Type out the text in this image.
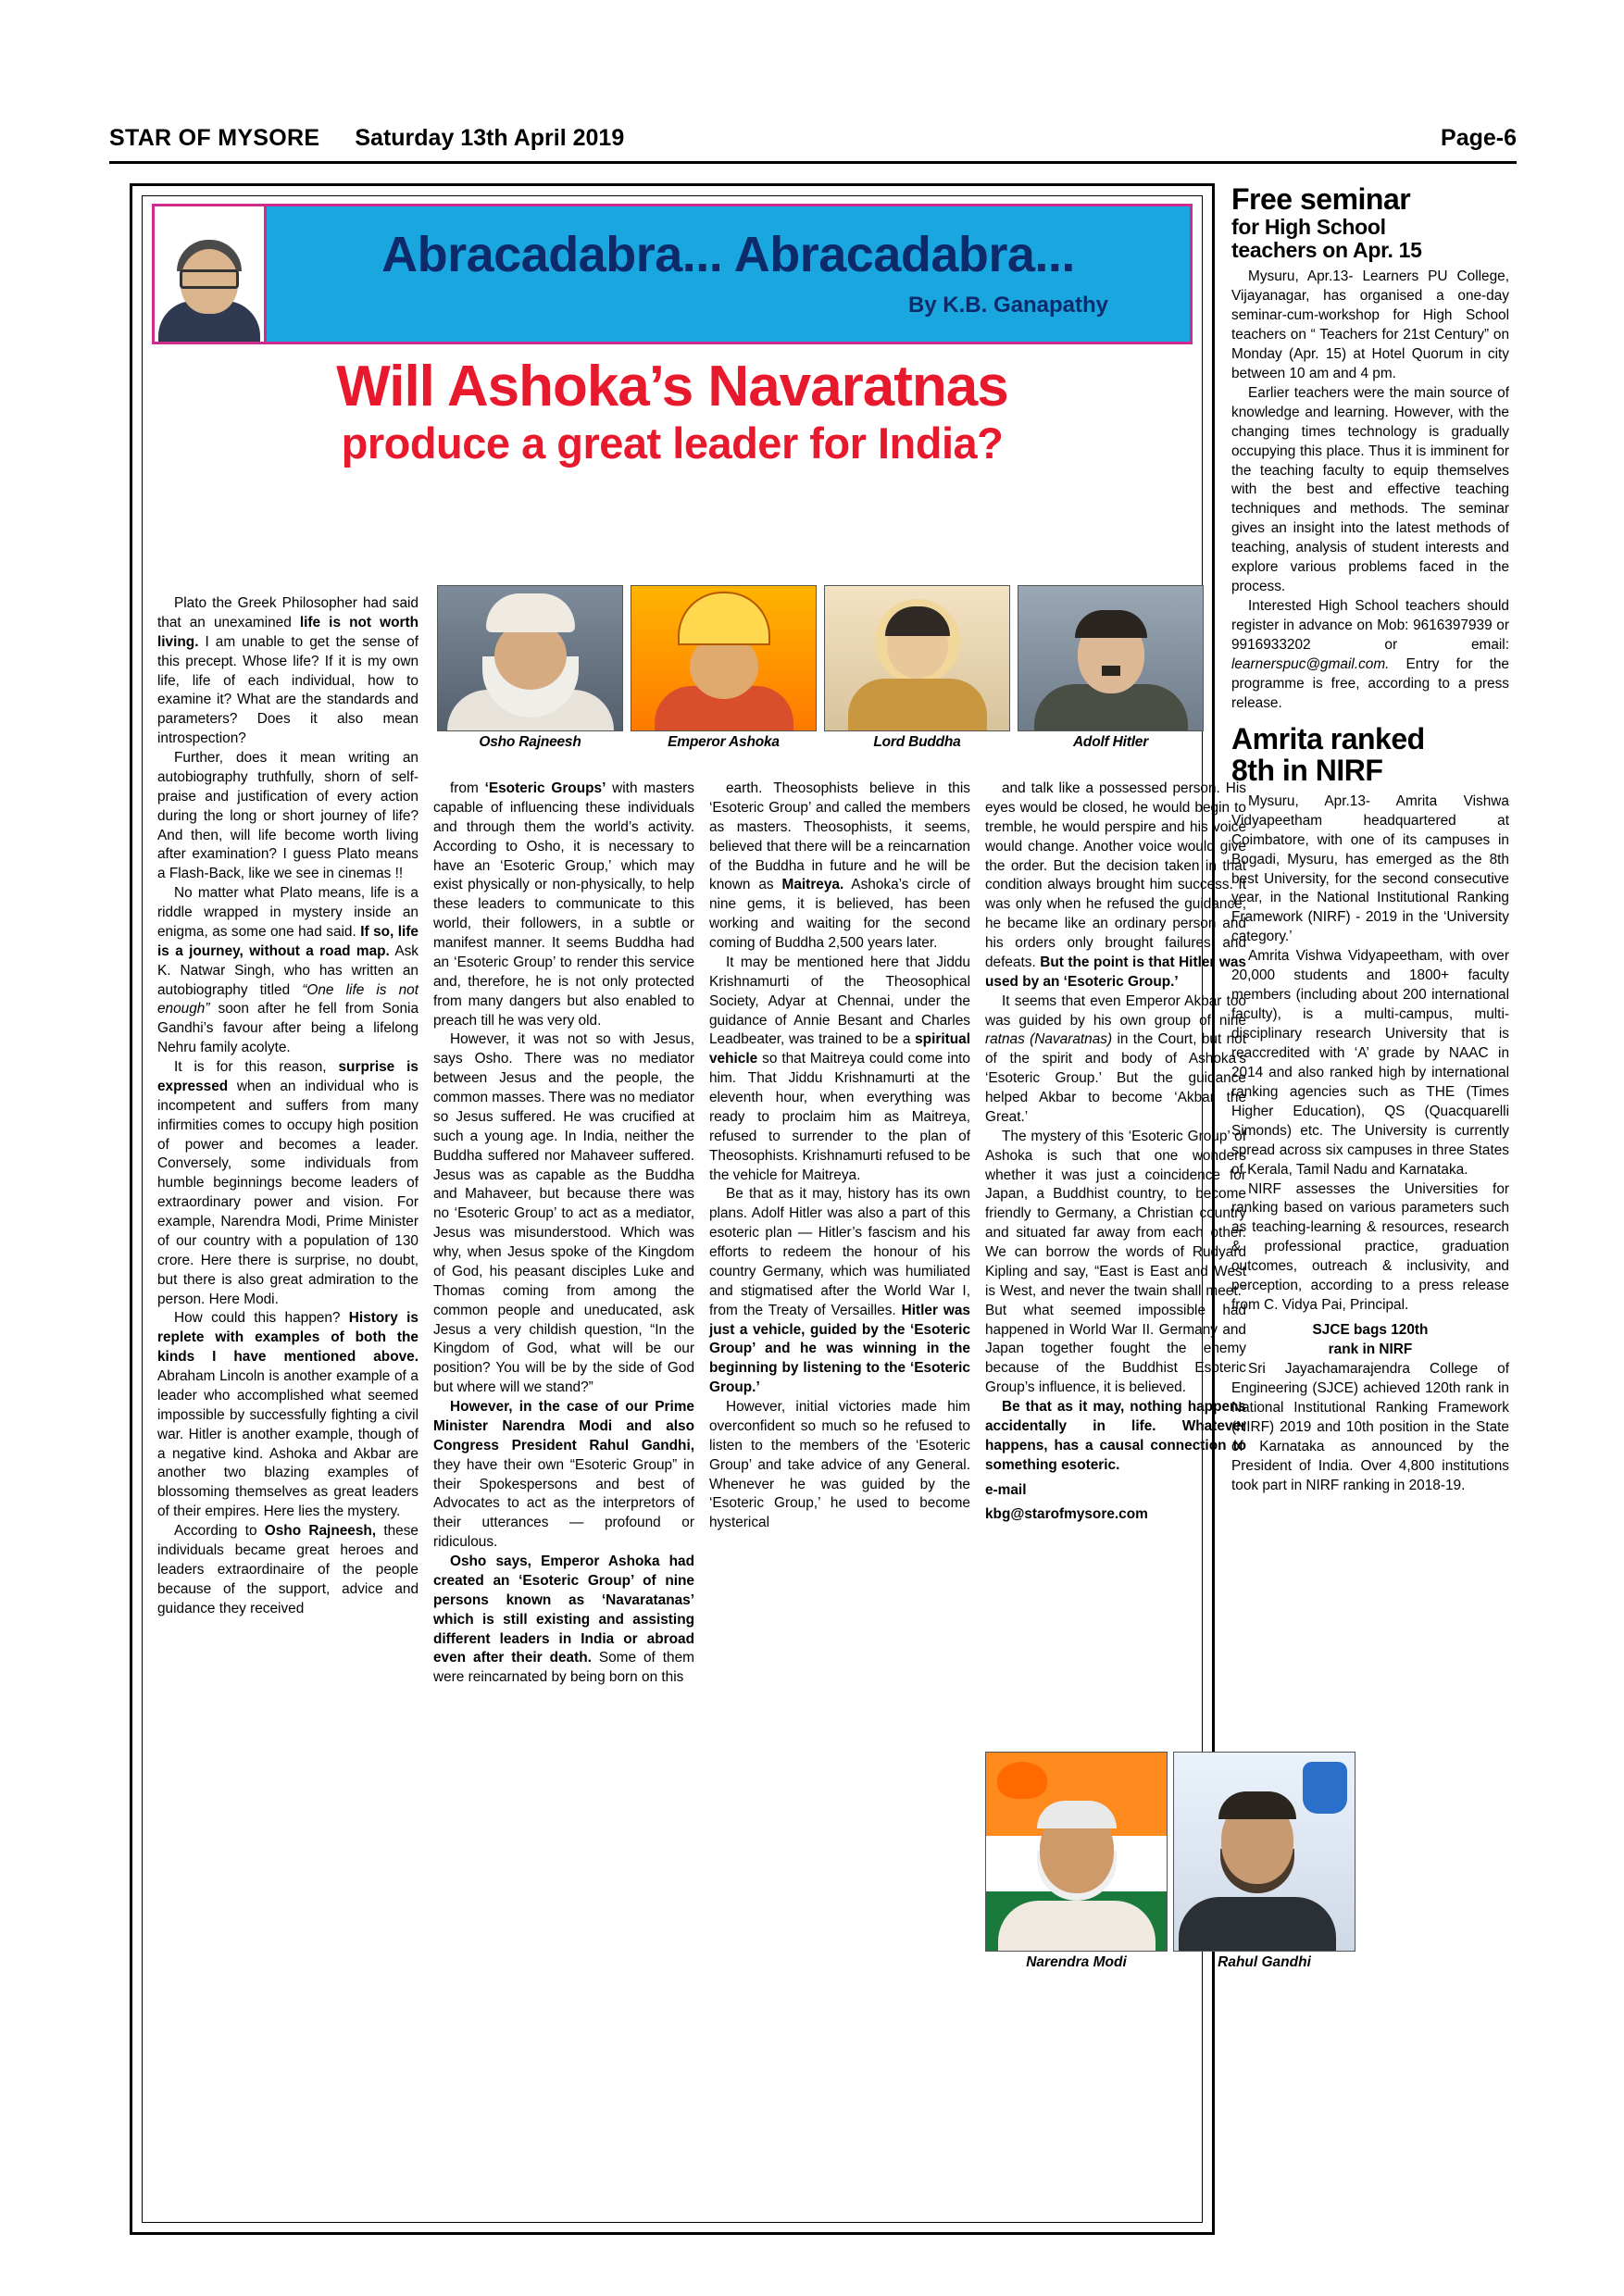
STAR OF MYSORE Saturday 13th April 2019	Page-6
Abracadabra... Abracadabra...
By K.B. Ganapathy
Will Ashoka’s Navaratnas
produce a great leader for India?
Osho Rajneesh	Emperor Ashoka	Lord Buddha	Adolf Hitler

Plato the Greek Philosopher had said that an unexamined life is not worth living. I am unable to get the sense of this precept. Whose life? If it is my own life, life of each individual, how to examine it? What are the standards and parameters? Does it also mean introspection?

Further, does it mean writing an autobiography truthfully, shorn of self-praise and justification of every action during the long or short journey of life? And then, will life become worth living after examination? I guess Plato means a Flash-Back, like we see in cinemas !!

No matter what Plato means, life is a riddle wrapped in mystery inside an enigma, as some one had said. If so, life is a journey, without a road map. Ask K. Natwar Singh, who has written an autobiography titled “One life is not enough” soon after he fell from Sonia Gandhi’s favour after being a lifelong Nehru family acolyte.

It is for this reason, surprise is expressed when an individual who is incompetent and suffers from many infirmities comes to occupy high position of power and becomes a leader. Conversely, some individuals from humble beginnings become leaders of extraordinary power and vision. For example, Narendra Modi, Prime Minister of our country with a population of 130 crore. Here there is surprise, no doubt, but there is also great admiration to the person. Here Modi.

How could this happen? History is replete with examples of both the kinds I have mentioned above. Abraham Lincoln is another example of a leader who accomplished what seemed impossible by successfully fighting a civil war. Hitler is another example, though of a negative kind. Ashoka and Akbar are another two blazing examples of blossoming themselves as great leaders of their empires. Here lies the mystery.

According to Osho Rajneesh, these individuals became great heroes and leaders extraordinaire of the people because of the support, advice and guidance they received

from ‘Esoteric Groups’ with masters capable of influencing these individuals and through them the world’s activity. According to Osho, it is necessary to have an ‘Esoteric Group,’ which may exist physically or non-physically, to help these leaders to communicate to this world, their followers, in a subtle or manifest manner. It seems Buddha had an ‘Esoteric Group’ to render this service and, therefore, he is not only protected from many dangers but also enabled to preach till he was very old.

However, it was not so with Jesus, says Osho. There was no mediator between Jesus and the people, the common masses. There was no mediator so Jesus suffered. He was crucified at such a young age. In India, neither the Buddha suffered nor Mahaveer suffered. Jesus was as capable as the Buddha and Mahaveer, but because there was no ‘Esoteric Group’ to act as a mediator, Jesus was misunderstood. Which was why, when Jesus spoke of the Kingdom of God, his peasant disciples Luke and Thomas coming from among the common people and uneducated, ask Jesus a very childish question, “In the Kingdom of God, what will be our position? You will be by the side of God but where will we stand?”

However, in the case of our Prime Minister Narendra Modi and also Congress President Rahul Gandhi, they have their own “Esoteric Group” in their Spokespersons and best of Advocates to act as the interpretors of their utterances — profound or ridiculous.

Osho says, Emperor Ashoka had created an ‘Esoteric Group’ of nine persons known as ‘Navaratanas’ which is still existing and assisting different leaders in India or abroad even after their death. Some of them were reincarnated by being born on this

earth. Theosophists believe in this ‘Esoteric Group’ and called the members as masters. Theosophists, it seems, believed that there will be a reincarnation of the Buddha in future and he will be known as Maitreya. Ashoka’s circle of nine gems, it is believed, has been working and waiting for the second coming of Buddha 2,500 years later.

It may be mentioned here that Jiddu Krishnamurti of the Theosophical Society, Adyar at Chennai, under the guidance of Annie Besant and Charles Leadbeater, was trained to be a spiritual vehicle so that Maitreya could come into him. That Jiddu Krishnamurti at the eleventh hour, when everything was ready to proclaim him as Maitreya, refused to surrender to the plan of Theosophists. Krishnamurti refused to be the vehicle for Maitreya.

Be that as it may, history has its own plans. Adolf Hitler was also a part of this esoteric plan — Hitler’s fascism and his efforts to redeem the honour of his country Germany, which was humiliated and stigmatised after the World War I, from the Treaty of Versailles. Hitler was just a vehicle, guided by the ‘Esoteric Group’ and he was winning in the beginning by listening to the ‘Esoteric Group.’

However, initial victories made him overconfident so much so he refused to listen to the members of the ‘Esoteric Group’ and take advice of any General. Whenever he was guided by the ‘Esoteric Group,’ he used to become hysterical

and talk like a possessed person. His eyes would be closed, he would begin to tremble, he would perspire and his voice would change. Another voice would give the order. But the decision taken in that condition always brought him success. It was only when he refused the guidance, he became like an ordinary person and his orders only brought failures and defeats. But the point is that Hitler was used by an ‘Esoteric Group.’

It seems that even Emperor Akbar too was guided by his own group of nine ratnas (Navaratnas) in the Court, but not of the spirit and body of Ashoka’s ‘Esoteric Group.’ But the guidance helped Akbar to become ‘Akbar the Great.’

The mystery of this ‘Esoteric Group’ of Ashoka is such that one wonders whether it was just a coincidence for Japan, a Buddhist country, to become friendly to Germany, a Christian country and situated far away from each other. We can borrow the words of Rudyard Kipling and say, “East is East and West is West, and never the twain shall meet.” But what seemed impossible had happened in World War II. Germany and Japan together fought the enemy because of the Buddhist Esoteric Group’s influence, it is believed.

Be that as it may, nothing happens accidentally in life. Whatever happens, has a causal connection to something esoteric.

e-mail
kbg@starofmysore.com
Narendra Modi	Rahul Gandhi
Free seminar
for High School
teachers on Apr. 15

Mysuru, Apr.13- Learners PU College, Vijayanagar, has organised a one-day seminar-cum-workshop for High School teachers on “ Teachers for 21st Century” on Monday (Apr. 15) at Hotel Quorum in city between 10 am and 4 pm.

Earlier teachers were the main source of knowledge and learning. However, with the changing times technology is gradually occupying this place. Thus it is imminent for the teaching faculty to equip themselves with the best and effective teaching techniques and methods. The seminar gives an insight into the latest methods of teaching, analysis of student interests and explore various problems faced in the process.

Interested High School teachers should register in advance on Mob: 9616397939 or 9916933202 or email: learnerspuc@gmail.com. Entry for the programme is free, according to a press release.

Amrita ranked
8th in NIRF

Mysuru, Apr.13- Amrita Vishwa Vidyapeetham headquartered at Coimbatore, with one of its campuses in Bogadi, Mysuru, has emerged as the 8th best University, for the second consecutive year, in the National Institutional Ranking Framework (NIRF) - 2019 in the ‘University category.’

Amrita Vishwa Vidyapeetham, with over 20,000 students and 1800+ faculty members (including about 200 international faculty), is a multi-campus, multi-disciplinary research University that is reaccredited with ‘A’ grade by NAAC in 2014 and also ranked high by international ranking agencies such as THE (Times Higher Education), QS (Quacquarelli Simonds) etc. The University is currently spread across six campuses in three States of Kerala, Tamil Nadu and Karnataka.

NIRF assesses the Universities for ranking based on various parameters such as teaching-learning & resources, research & professional practice, graduation outcomes, outreach & inclusivity, and perception, according to a press release from C. Vidya Pai, Principal.

SJCE bags 120th
rank in NIRF

Sri Jayachamarajendra College of Engineering (SJCE) achieved 120th rank in National Institutional Ranking Framework (NIRF) 2019 and 10th position in the State of Karnataka as announced by the President of India. Over 4,800 institutions took part in NIRF ranking in 2018-19.
